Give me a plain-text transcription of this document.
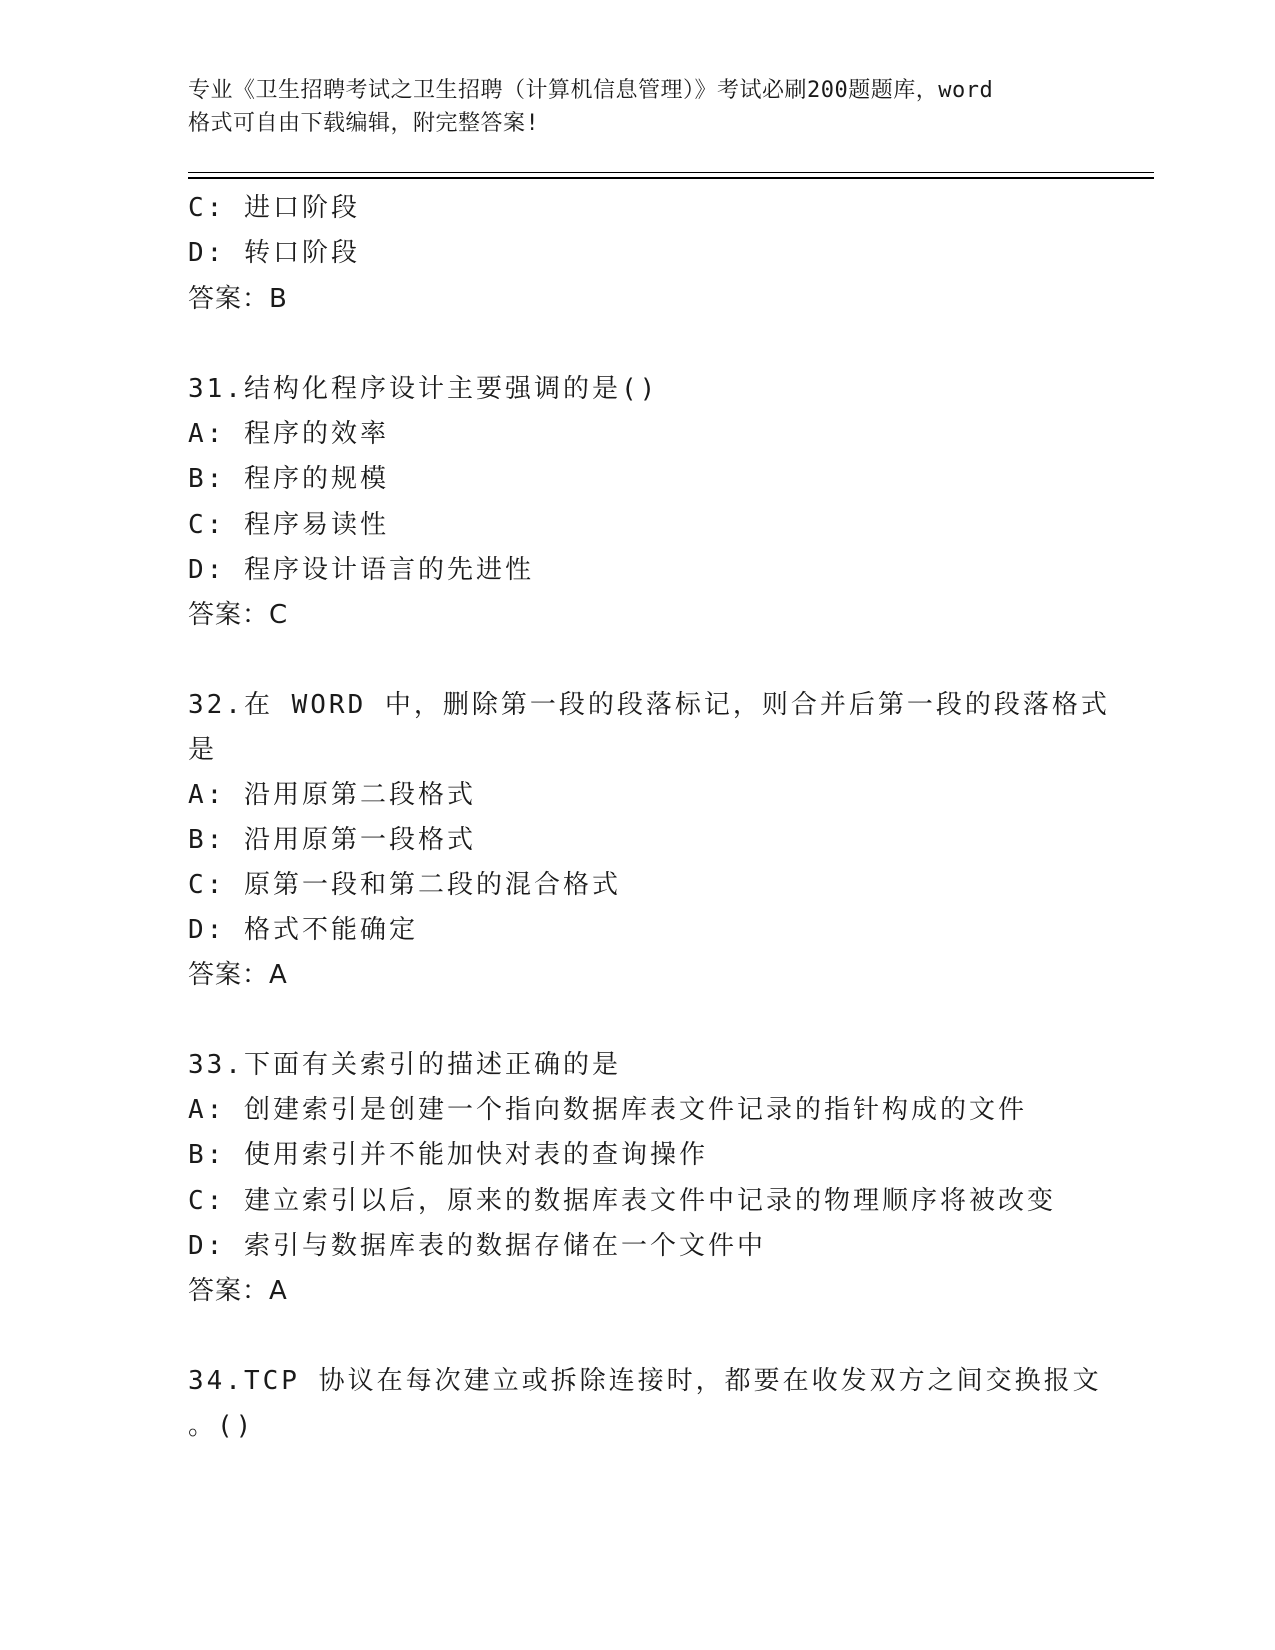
专业《卫生招聘考试之卫生招聘（计算机信息管理）》考试必刷200题题库，word
格式可自由下载编辑，附完整答案!
C: 进口阶段
D: 转口阶段
答案：B
31.结构化程序设计主要强调的是()
A: 程序的效率
B: 程序的规模
C: 程序易读性
D: 程序设计语言的先进性
答案：C
32.在 WORD 中，删除第一段的段落标记，则合并后第一段的段落格式
是
A: 沿用原第二段格式
B: 沿用原第一段格式
C: 原第一段和第二段的混合格式
D: 格式不能确定
答案：A
33.下面有关索引的描述正确的是
A: 创建索引是创建一个指向数据库表文件记录的指针构成的文件
B: 使用索引并不能加快对表的查询操作
C: 建立索引以后，原来的数据库表文件中记录的物理顺序将被改变
D: 索引与数据库表的数据存储在一个文件中
答案：A
34.TCP 协议在每次建立或拆除连接时，都要在收发双方之间交换报文
。()
